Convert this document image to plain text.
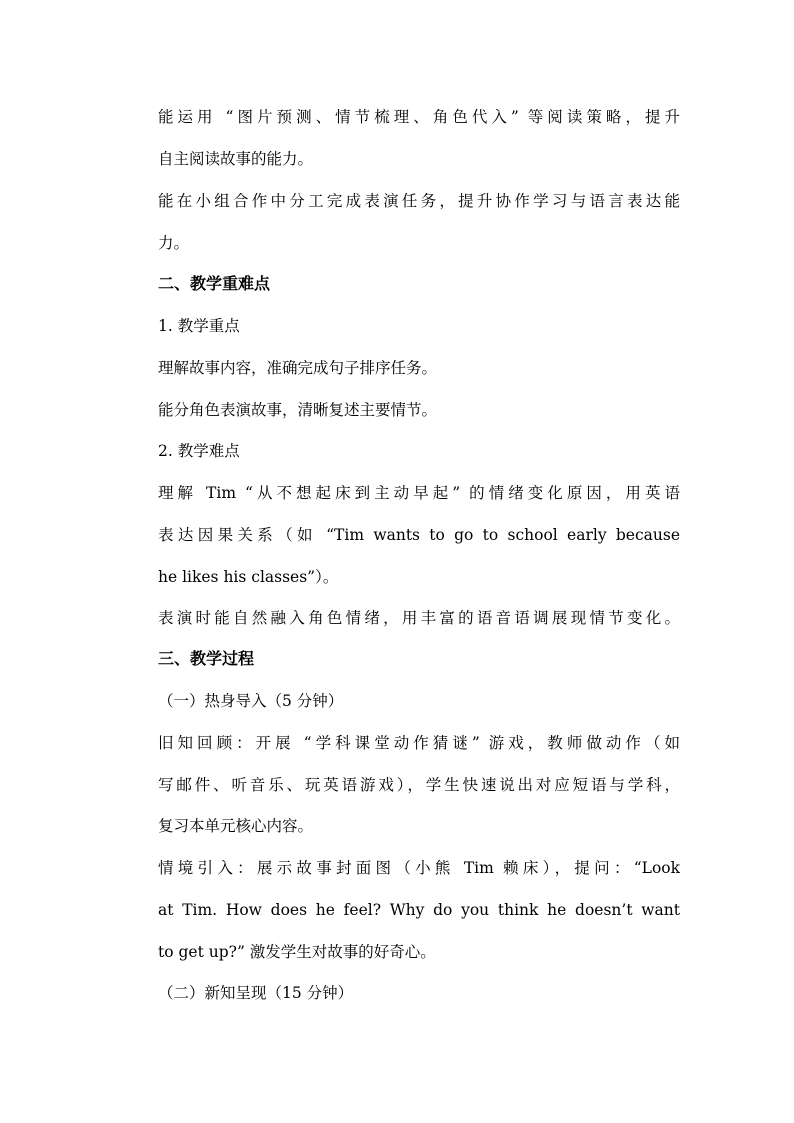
能运用 “图片预测、情节梳理、角色代入” 等阅读策略，提升
自主阅读故事的能力。
能在小组合作中分工完成表演任务，提升协作学习与语言表达能
力。
二、教学重难点
1. 教学重点
理解故事内容，准确完成句子排序任务。
能分角色表演故事，清晰复述主要情节。
2. 教学难点
理解 Tim “从不想起床到主动早起” 的情绪变化原因，用英语
表达因果关系（如 “Tim wants to go to school early because
he likes his classes”）。
表演时能自然融入角色情绪，用丰富的语音语调展现情节变化。
三、教学过程
（一）热身导入（5 分钟）
旧知回顾：开展 “学科课堂动作猜谜” 游戏，教师做动作（如
写邮件、听音乐、玩英语游戏），学生快速说出对应短语与学科，
复习本单元核心内容。
情境引入：展示故事封面图（小熊 Tim 赖床），提问：“Look
at Tim. How does he feel? Why do you think he doesn’t want
to get up?” 激发学生对故事的好奇心。
（二）新知呈现（15 分钟）
